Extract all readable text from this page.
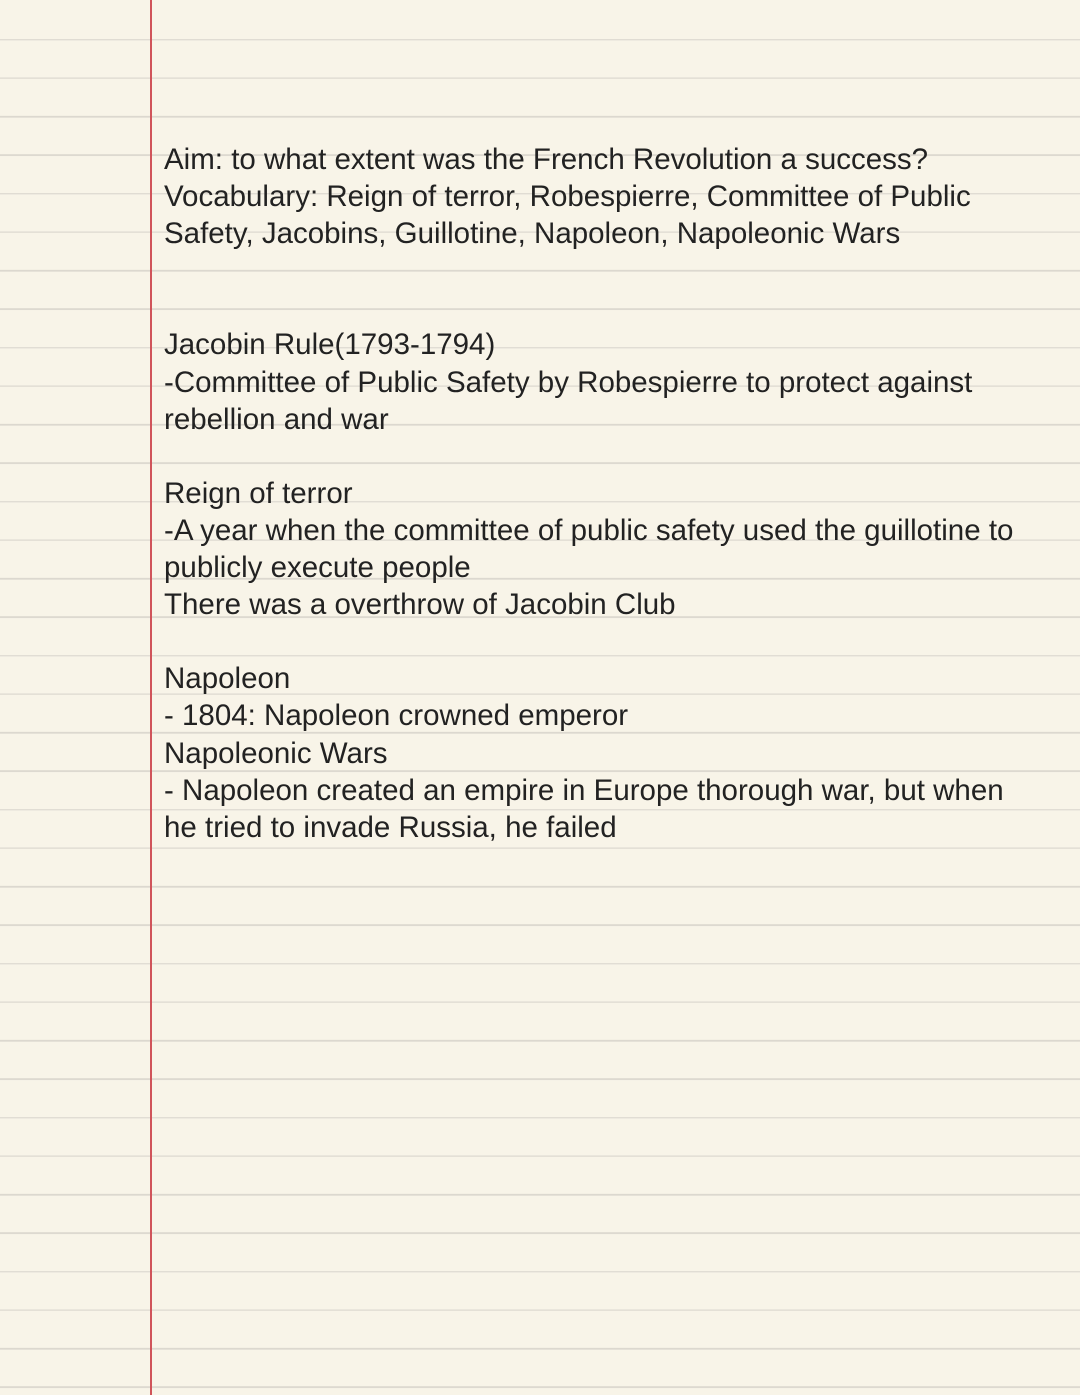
Aim: to what extent was the French Revolution a success?
Vocabulary: Reign of terror, Robespierre, Committee of Public
Safety, Jacobins, Guillotine, Napoleon, Napoleonic Wars
Jacobin Rule(1793-1794)
-Committee of Public Safety by Robespierre to protect against
rebellion and war
Reign of terror
-A year when the committee of public safety used the guillotine to
publicly execute people
There was a overthrow of Jacobin Club
Napoleon
- 1804: Napoleon crowned emperor
Napoleonic Wars
- Napoleon created an empire in Europe thorough war, but when
he tried to invade Russia, he failed
